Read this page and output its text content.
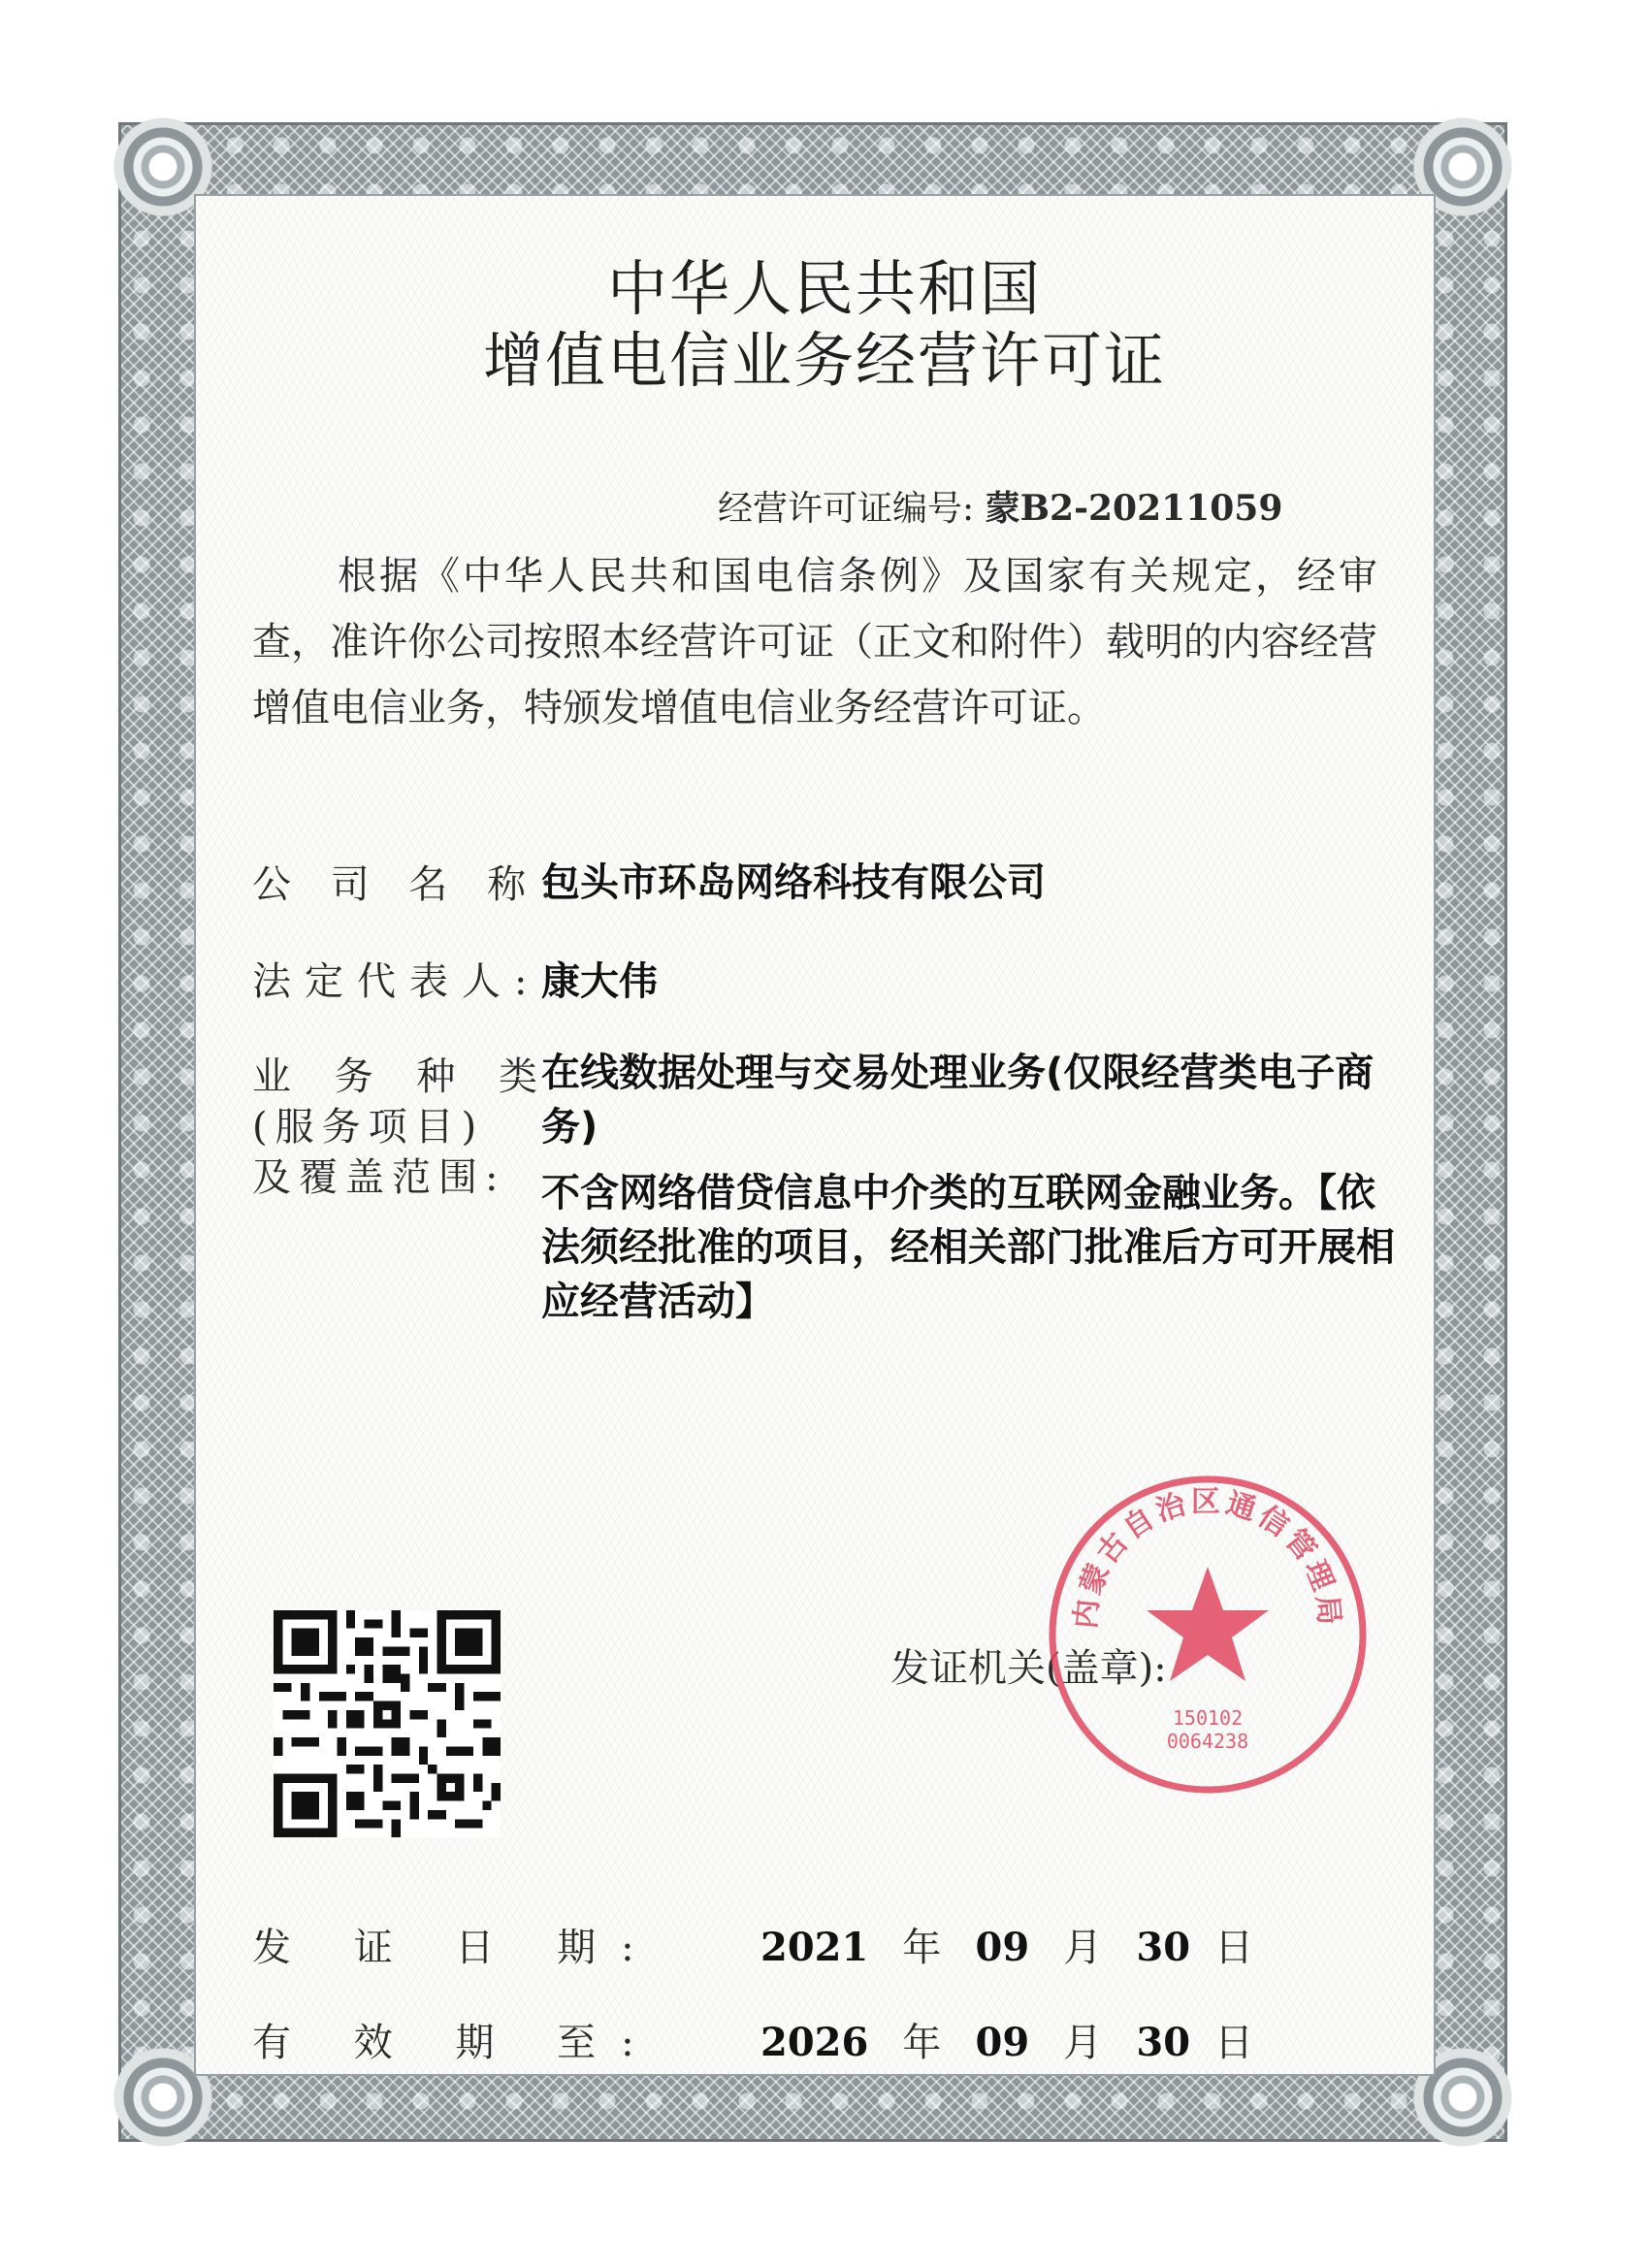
中华人民共和国
增值电信业务经营许可证
经营许可证编号: 蒙B2-20211059
根据《中华人民共和国电信条例》及国家有关规定，经审查，准许你公司按照本经营许可证（正文和附件）载明的内容经营增值电信业务，特颁发增值电信业务经营许可证。
公 司 名 称:
包头市环岛网络科技有限公司
法定代表人: 康大伟
业 务 种 类
(服务项目)
及覆盖范围:
在线数据处理与交易处理业务(仅限经营类电子商务)
不含网络借贷信息中介类的互联网金融业务。【依法须经批准的项目，经相关部门批准后方可开展相应经营活动】
发证机关(盖章):
内蒙古自治区通信管理局
150102
0064238
发 证 日 期:	2021 年 09 月 30 日
有 效 期 至:	2026 年 09 月 30 日
